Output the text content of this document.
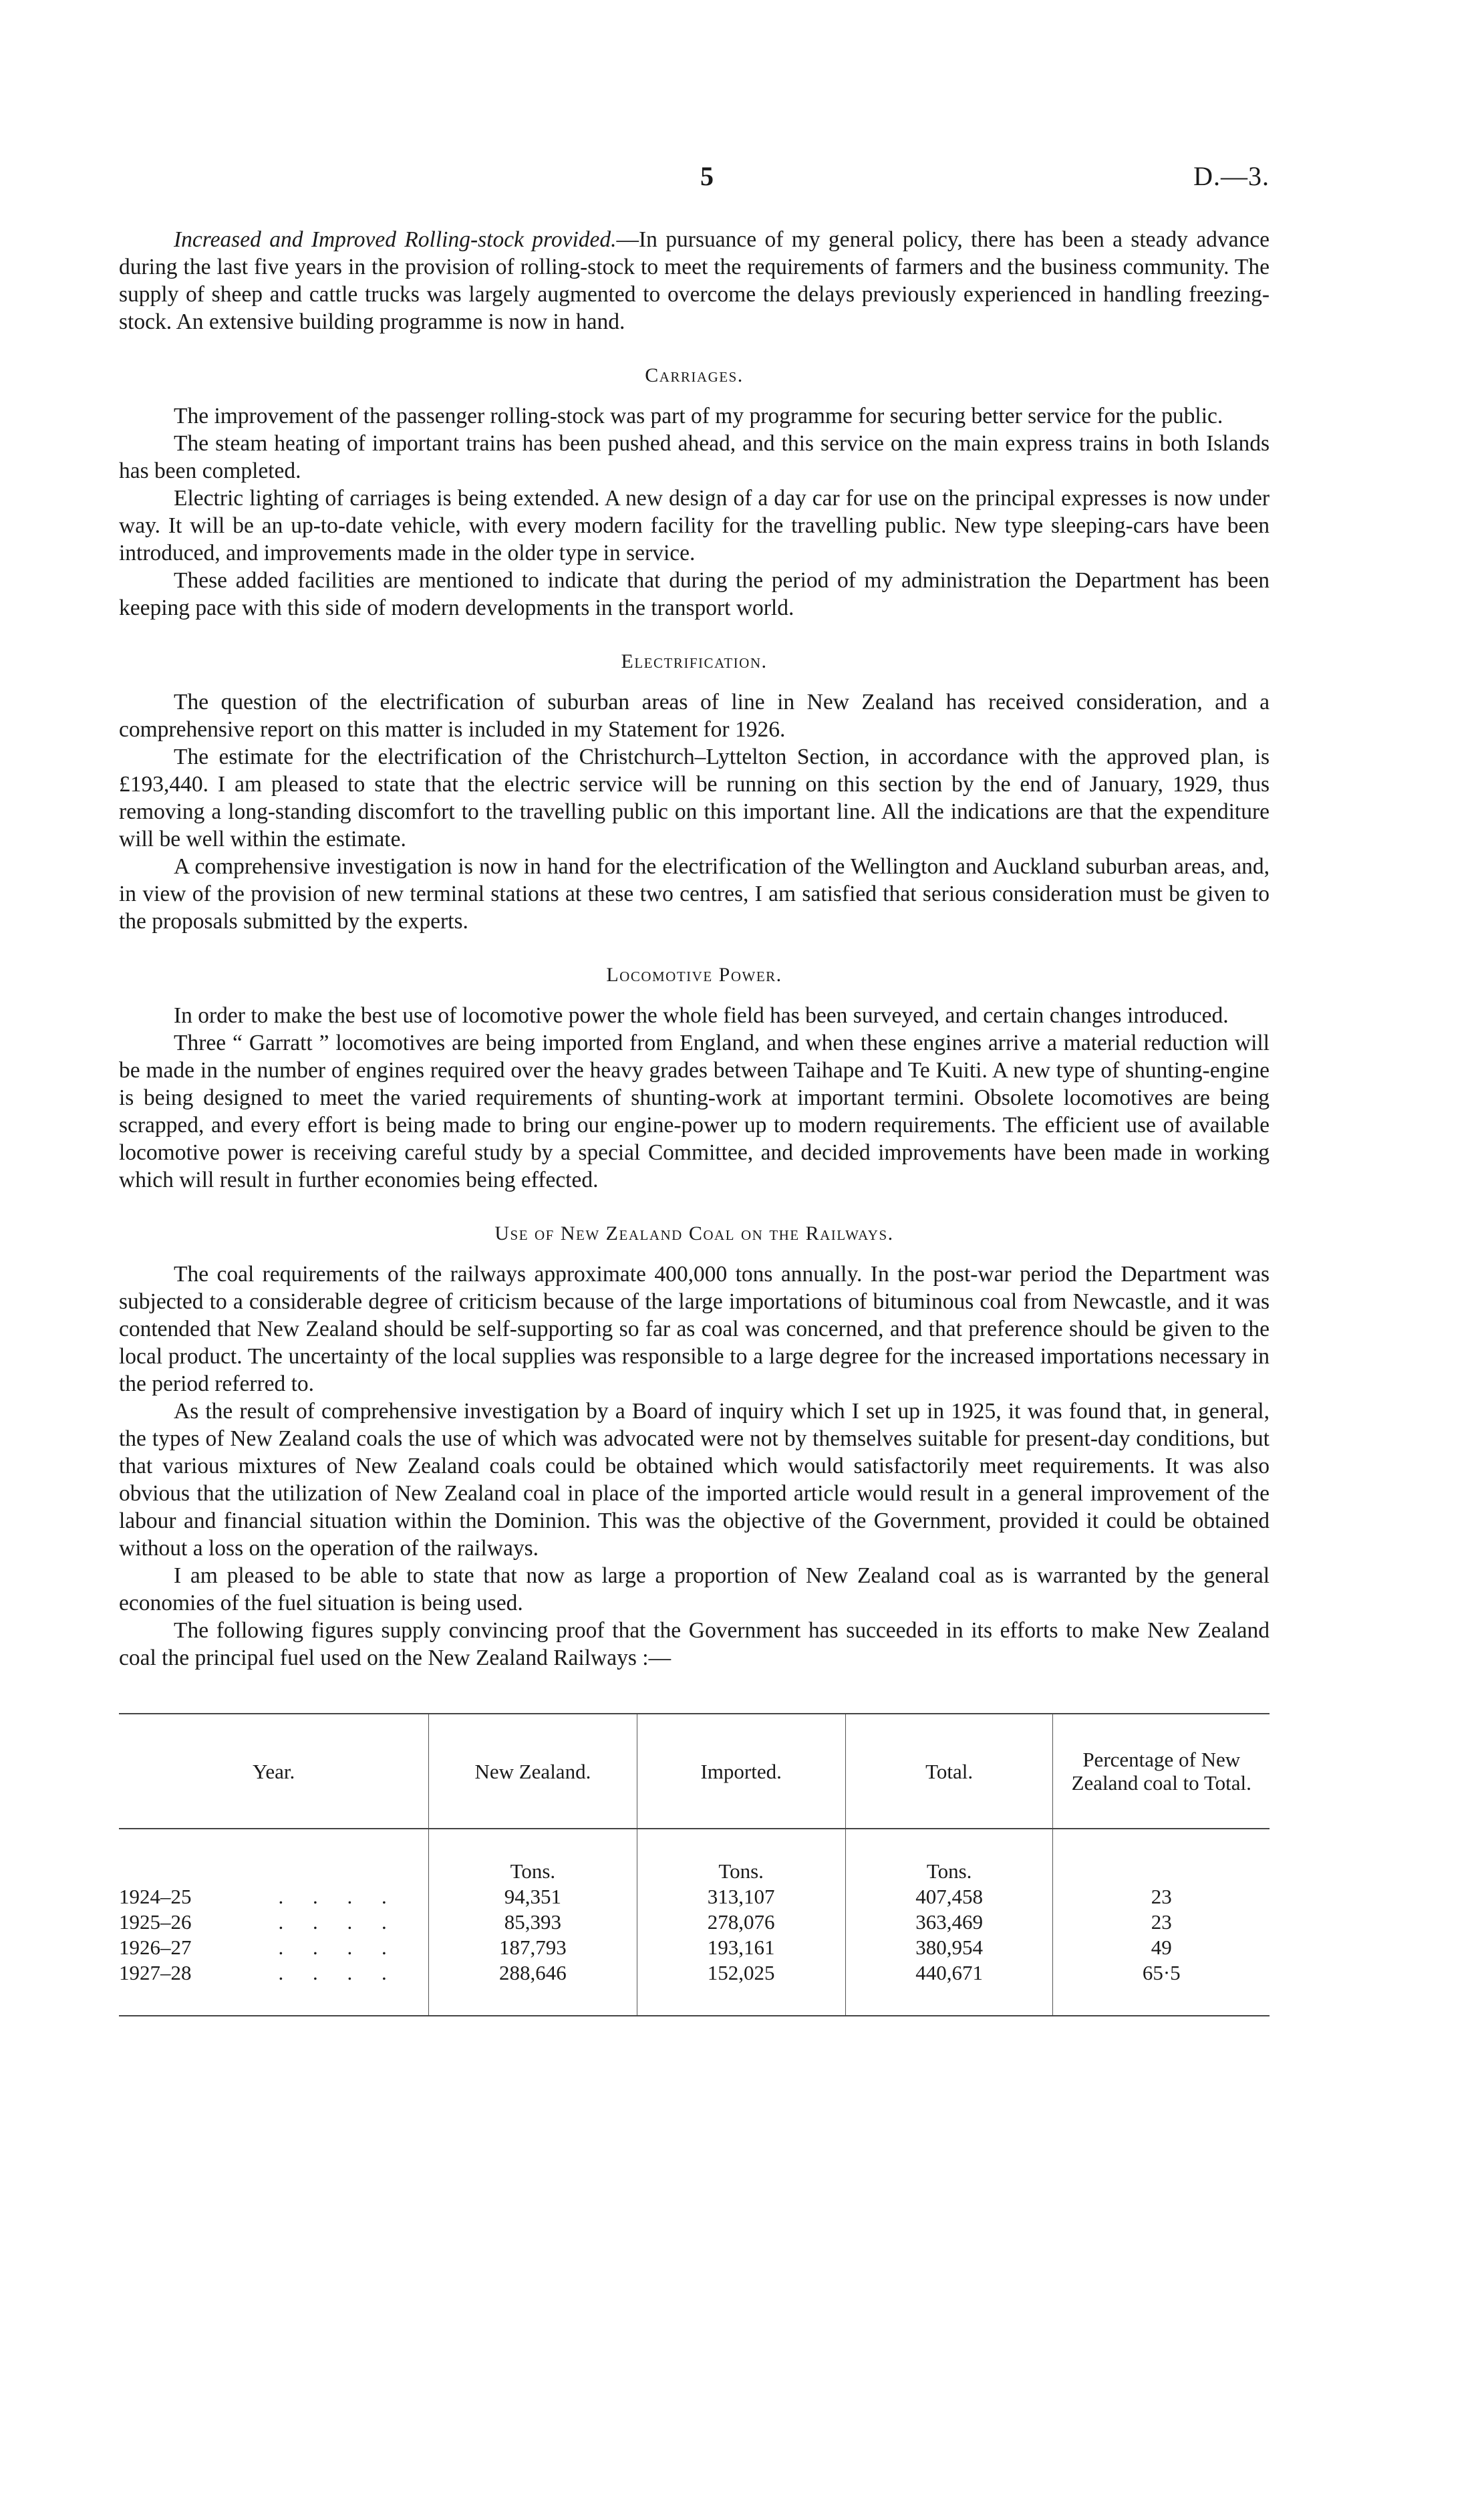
5	D.—3.

Increased and Improved Rolling-stock provided.—In pursuance of my general policy, there has been a steady advance during the last five years in the provision of rolling-stock to meet the requirements of farmers and the business community. The supply of sheep and cattle trucks was largely augmented to overcome the delays previously experienced in handling freezing-stock. An extensive building programme is now in hand.

Carriages.

The improvement of the passenger rolling-stock was part of my programme for securing better service for the public.

The steam heating of important trains has been pushed ahead, and this service on the main express trains in both Islands has been completed.

Electric lighting of carriages is being extended. A new design of a day car for use on the principal expresses is now under way. It will be an up-to-date vehicle, with every modern facility for the travelling public. New type sleeping-cars have been introduced, and improvements made in the older type in service.

These added facilities are mentioned to indicate that during the period of my administration the Department has been keeping pace with this side of modern developments in the transport world.

Electrification.

The question of the electrification of suburban areas of line in New Zealand has received consideration, and a comprehensive report on this matter is included in my Statement for 1926.

The estimate for the electrification of the Christchurch–Lyttelton Section, in accordance with the approved plan, is £193,440. I am pleased to state that the electric service will be running on this section by the end of January, 1929, thus removing a long-standing discomfort to the travelling public on this important line. All the indications are that the expenditure will be well within the estimate.

A comprehensive investigation is now in hand for the electrification of the Wellington and Auckland suburban areas, and, in view of the provision of new terminal stations at these two centres, I am satisfied that serious consideration must be given to the proposals submitted by the experts.

Locomotive Power.

In order to make the best use of locomotive power the whole field has been surveyed, and certain changes introduced.

Three “ Garratt ” locomotives are being imported from England, and when these engines arrive a material reduction will be made in the number of engines required over the heavy grades between Taihape and Te Kuiti. A new type of shunting-engine is being designed to meet the varied requirements of shunting-work at important termini. Obsolete locomotives are being scrapped, and every effort is being made to bring our engine-power up to modern requirements. The efficient use of available locomotive power is receiving careful study by a special Committee, and decided improvements have been made in working which will result in further economies being effected.

Use of New Zealand Coal on the Railways.

The coal requirements of the railways approximate 400,000 tons annually. In the post-war period the Department was subjected to a considerable degree of criticism because of the large importations of bituminous coal from Newcastle, and it was contended that New Zealand should be self-supporting so far as coal was concerned, and that preference should be given to the local product. The uncertainty of the local supplies was responsible to a large degree for the increased importations necessary in the period referred to.

As the result of comprehensive investigation by a Board of inquiry which I set up in 1925, it was found that, in general, the types of New Zealand coals the use of which was advocated were not by themselves suitable for present-day conditions, but that various mixtures of New Zealand coals could be obtained which would satisfactorily meet requirements. It was also obvious that the utilization of New Zealand coal in place of the imported article would result in a general improvement of the labour and financial situation within the Dominion. This was the objective of the Government, provided it could be obtained without a loss on the operation of the railways.

I am pleased to be able to state that now as large a proportion of New Zealand coal as is warranted by the general economies of the fuel situation is being used.

The following figures supply convincing proof that the Government has succeeded in its efforts to make New Zealand coal the principal fuel used on the New Zealand Railways :—

Year.	New Zealand.	Imported.	Total.	Percentage of New Zealand coal to Total.
	Tons.	Tons.	Tons.	
1924–25 . . . .	94,351	313,107	407,458	23
1925–26 . . . .	85,393	278,076	363,469	23
1926–27 . . . .	187,793	193,161	380,954	49
1927–28 . . . .	288,646	152,025	440,671	65·5
